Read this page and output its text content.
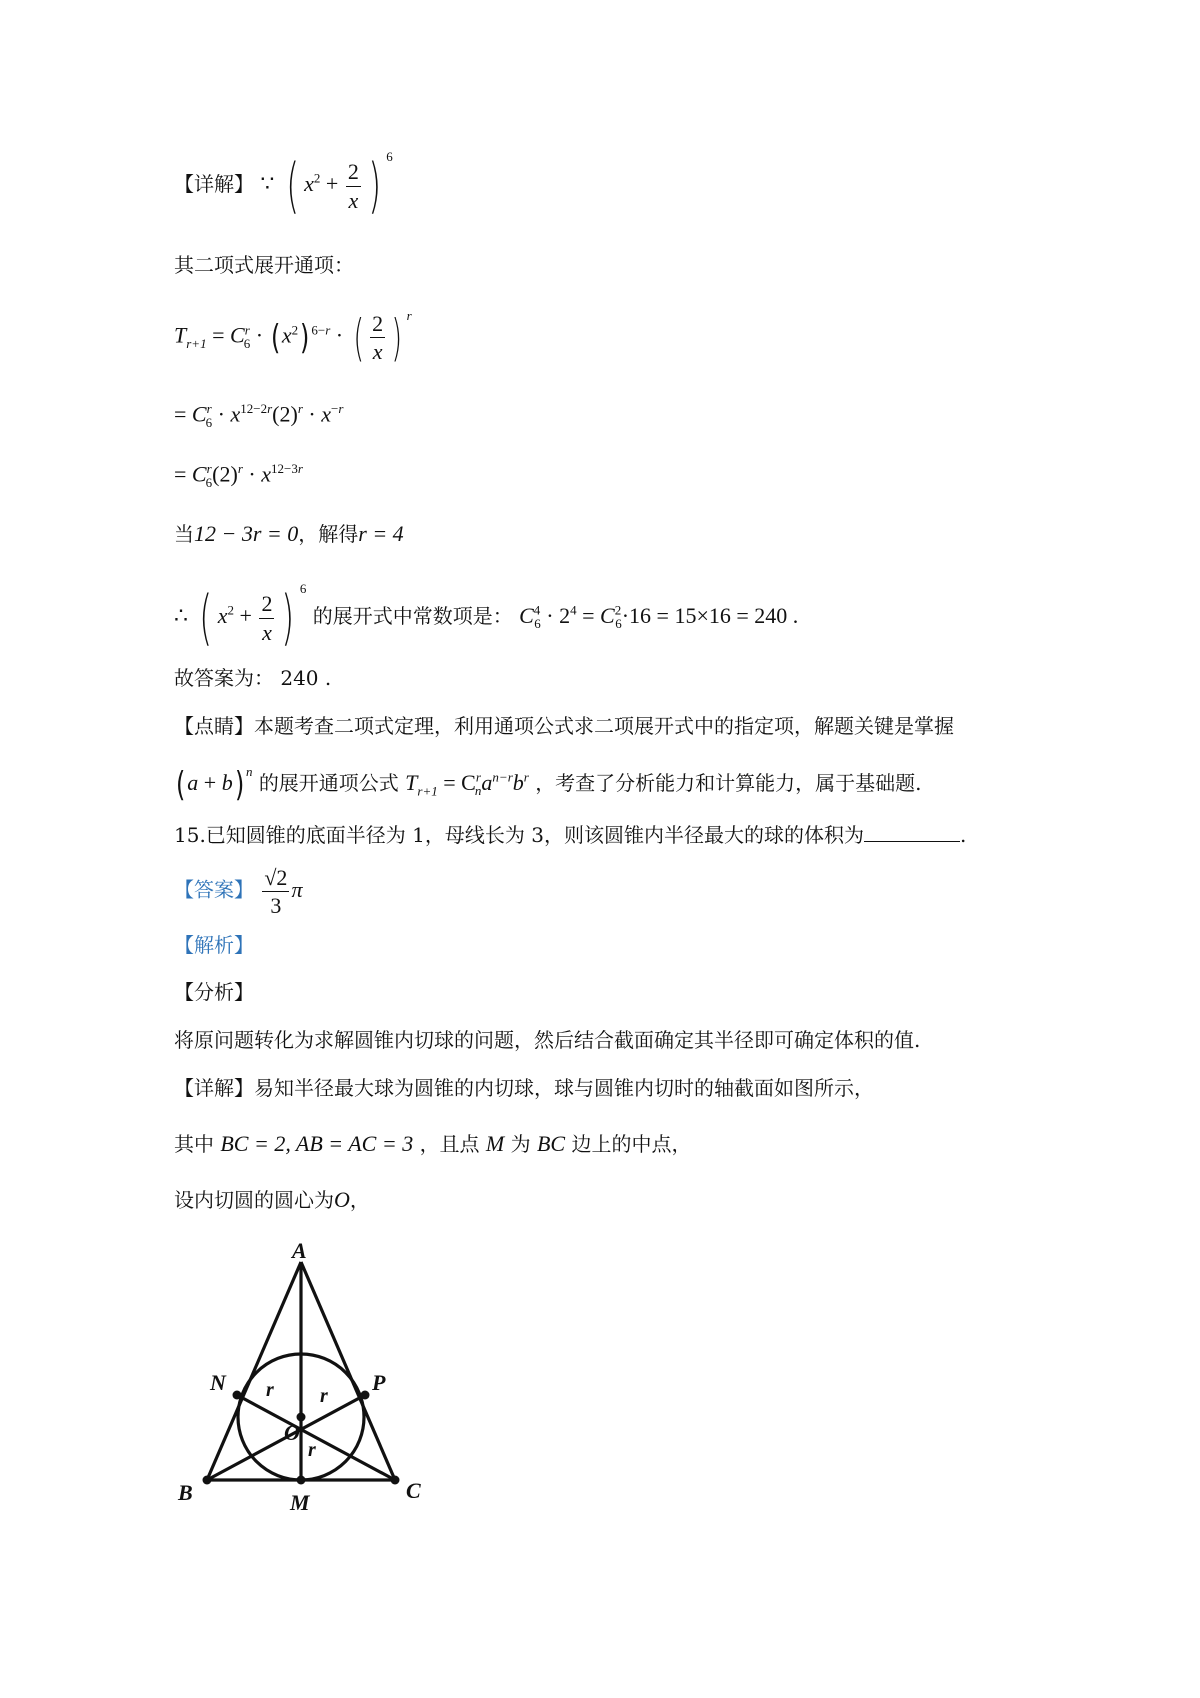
【详解】 ∵ ( $x^2 + \frac{2}{x}$ ) $^6$
其二项式展开通项：
$T_{r+1} = C^r_6 \cdot (x^2) ^{6-r}$ · ( $\frac{2}{x}$ ) $^r$
= $C^r_6 \cdot x^{12-2r}(2)^r \cdot x^{-r}$
= $C^r_6(2)^r \cdot x^{12-3r}$
当12 − 3r = 0，解得r = 4
∴ ( $x^2 + \frac{2}{x}$ ) $^6$ 的展开式中常数项是： $C^4_6 \cdot 2^4 = C^2_6\cdot 16 = 15\times 16 = 240$ .
故答案为： 240 .
【点睛】本题考查二项式定理，利用通项公式求二项展开式中的指定项，解题关键是掌握
(a + b) $^n$ 的展开通项公式 $T_{r+1} = C^r_na^{n-r}b^r$ ，考查了分析能力和计算能力，属于基础题.
15.已知圆锥的底面半径为 1，母线长为 3，则该圆锥内半径最大的球的体积为	.
【答案】 $\frac{√2}{3}$ π
【解析】
【分析】
将原问题转化为求解圆锥内切球的问题，然后结合截面确定其半径即可确定体积的值.
【详解】易知半径最大球为圆锥的内切球，球与圆锥内切时的轴截面如图所示，
其中 BC = 2, AB = AC = 3 ，且点 M 为 BC 边上的中点，
设内切圆的圆心为O，
A
B	C
M
N	P
O
r r
r
